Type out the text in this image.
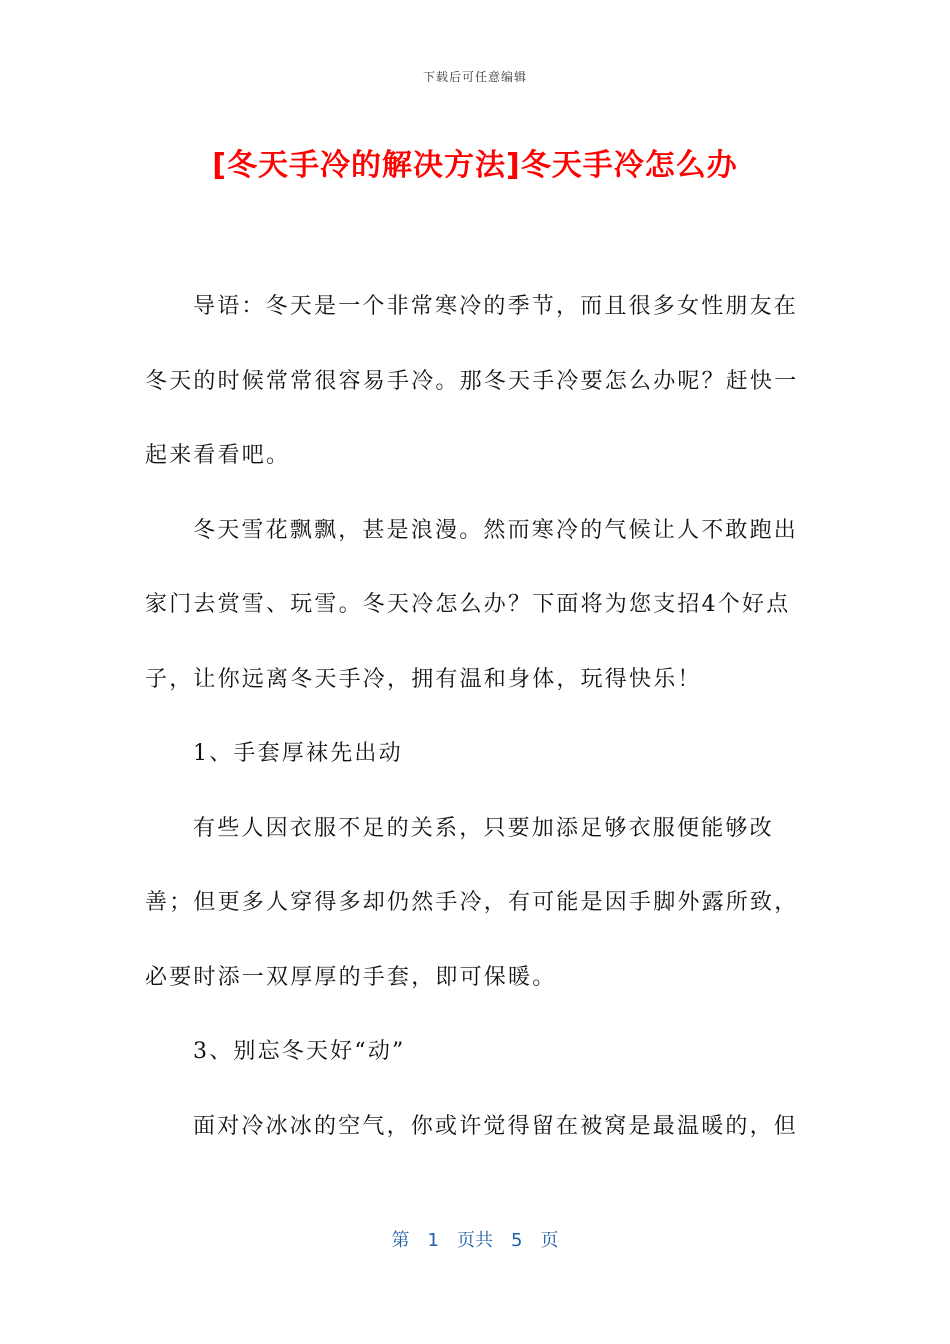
下载后可任意编辑
[冬天手冷的解决方法]冬天手冷怎么办

导语：冬天是一个非常寒冷的季节，而且很多女性朋友在冬天的时候常常很容易手冷。那冬天手冷要怎么办呢？赶快一起来看看吧。

冬天雪花飘飘，甚是浪漫。然而寒冷的气候让人不敢跑出家门去赏雪、玩雪。冬天冷怎么办？下面将为您支招4个好点子，让你远离冬天手冷，拥有温和身体，玩得快乐！

1、手套厚袜先出动

有些人因衣服不足的关系，只要加添足够衣服便能够改善；但更多人穿得多却仍然手冷，有可能是因手脚外露所致，必要时添一双厚厚的手套，即可保暖。

3、别忘冬天好“动”

面对冷冰冰的空气，你或许觉得留在被窝是最温暖的，但

第 1 页共 5 页
